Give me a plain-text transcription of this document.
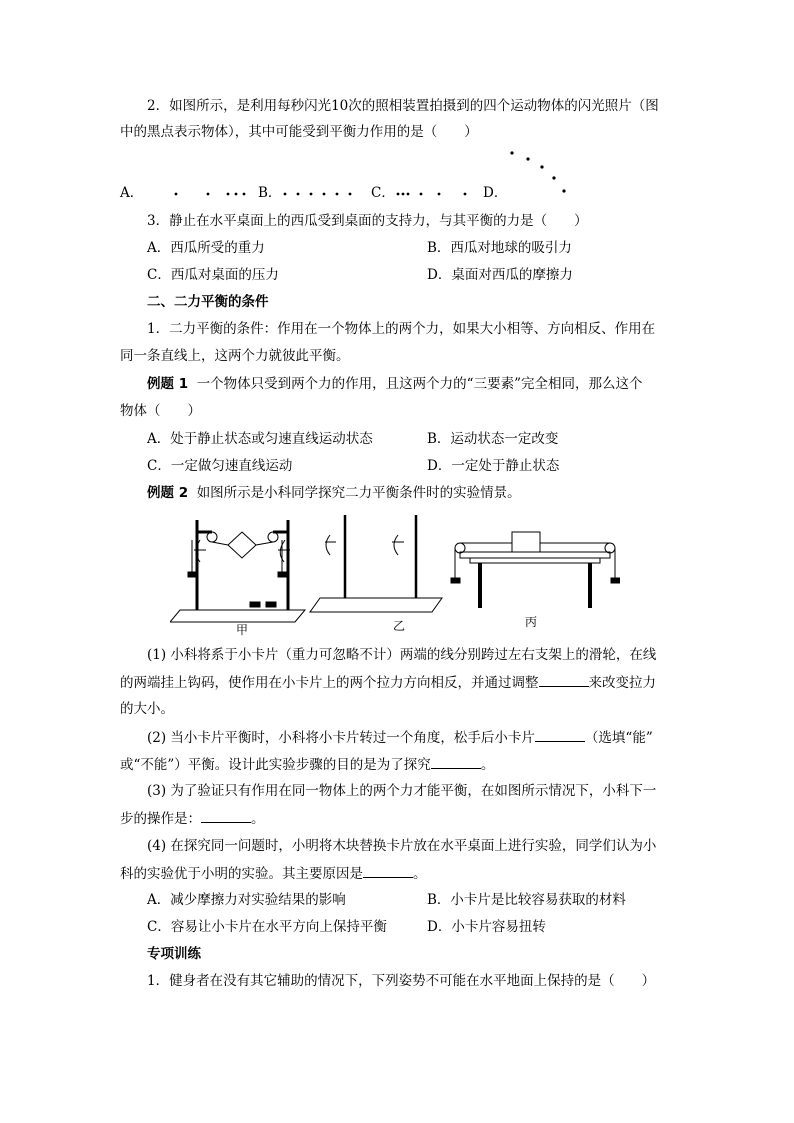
2．如图所示，是利用每秒闪光10次的照相装置拍摄到的四个运动物体的闪光照片（图
中的黑点表示物体），其中可能受到平衡力作用的是（　　）
A．	B．	C．	D．
3．静止在水平桌面上的西瓜受到桌面的支持力，与其平衡的力是（　　）
A．西瓜所受的重力	B．西瓜对地球的吸引力
C．西瓜对桌面的压力	D．桌面对西瓜的摩擦力
二、二力平衡的条件
1．二力平衡的条件：作用在一个物体上的两个力，如果大小相等、方向相反、作用在
同一条直线上，这两个力就彼此平衡。
例题 1 一个物体只受到两个力的作用，且这两个力的“三要素”完全相同，那么这个
物体（　　）
A．处于静止状态或匀速直线运动状态	B．运动状态一定改变
C．一定做匀速直线运动	D．一定处于静止状态
例题 2 如图所示是小科同学探究二力平衡条件时的实验情景。
甲	乙	丙
(1) 小科将系于小卡片（重力可忽略不计）两端的线分别跨过左右支架上的滑轮，在线
的两端挂上钩码，使作用在小卡片上的两个拉力方向相反，并通过调整	来改变拉力
的大小。
(2) 当小卡片平衡时，小科将小卡片转过一个角度，松手后小卡片	（选填“能”
或“不能”）平衡。设计此实验步骤的目的是为了探究	。
(3) 为了验证只有作用在同一物体上的两个力才能平衡，在如图所示情况下，小科下一
步的操作是：	。
(4) 在探究同一问题时，小明将木块替换卡片放在水平桌面上进行实验，同学们认为小
科的实验优于小明的实验。其主要原因是	。
A．减少摩擦力对实验结果的影响	B．小卡片是比较容易获取的材料
C．容易让小卡片在水平方向上保持平衡	D．小卡片容易扭转
专项训练
1．健身者在没有其它辅助的情况下，下列姿势不可能在水平地面上保持的是（　　）
